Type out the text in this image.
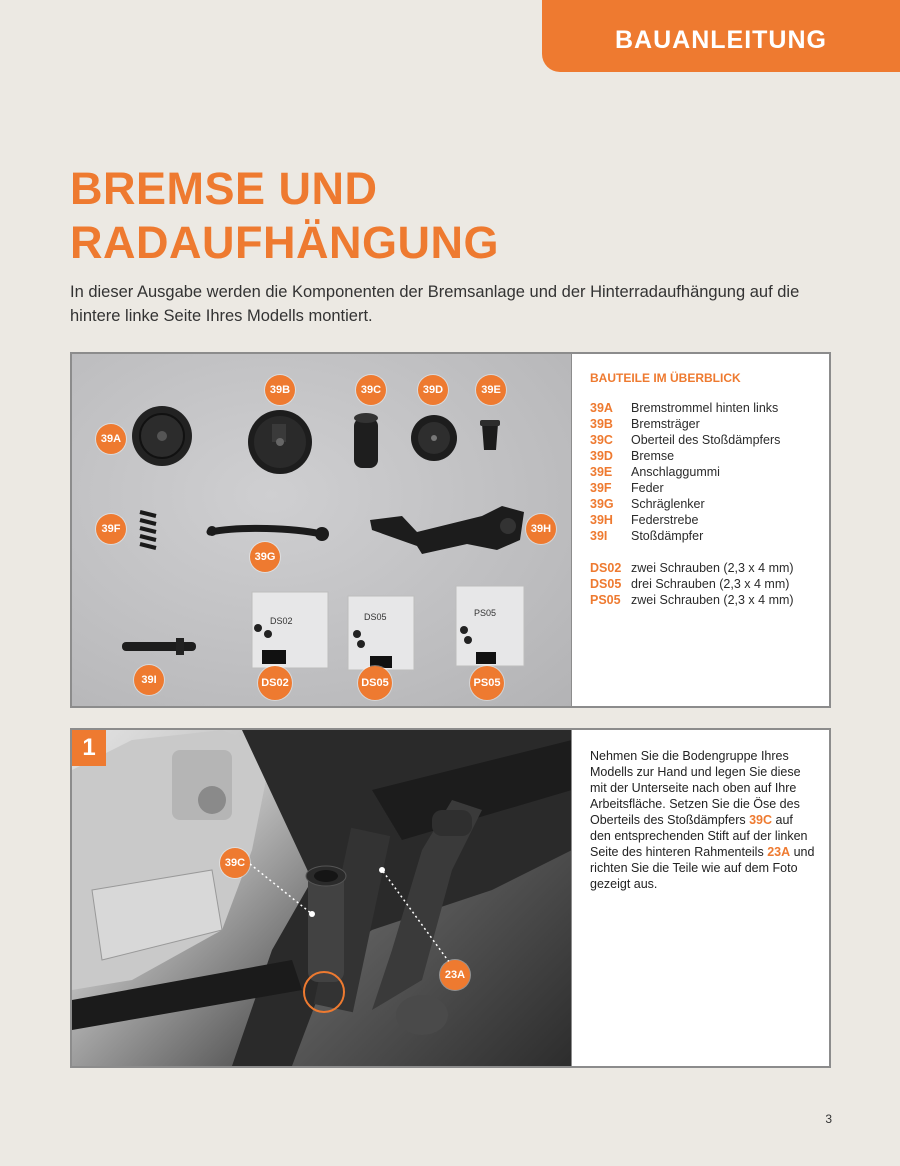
BAUANLEITUNG
BREMSE UND
RADAUFHÄNGUNG

In dieser Ausgabe werden die Komponenten der Bremsanlage und der Hinterradaufhängung auf die hintere linke Seite Ihres Modells montiert.

DS02	DS05	PS05
39A
39B	39C	39D	39E
39F
39G
39H
39I	DS02	DS05	PS05
BAUTEILE IM ÜBERBLICK
39A	Bremstrommel hinten links
39B	Bremsträger
39C	Oberteil des Stoßdämpfers
39D	Bremse
39E	Anschlaggummi
39F	Feder
39G	Schräglenker
39H	Federstrebe
39I	Stoßdämpfer
DS02 zwei Schrauben (2,3 x 4 mm)
DS05 drei Schrauben (2,3 x 4 mm)
PS05 zwei Schrauben (2,3 x 4 mm)
1
39C
23A

Nehmen Sie die Bodengruppe Ihres Modells zur Hand und legen Sie diese mit der Unterseite nach oben auf Ihre Arbeitsfläche. Setzen Sie die Öse des Oberteils des Stoßdämpfers 39C auf den entsprechenden Stift auf der linken Seite des hinteren Rahmenteils 23A und richten Sie die Teile wie auf dem Foto gezeigt aus.

3
